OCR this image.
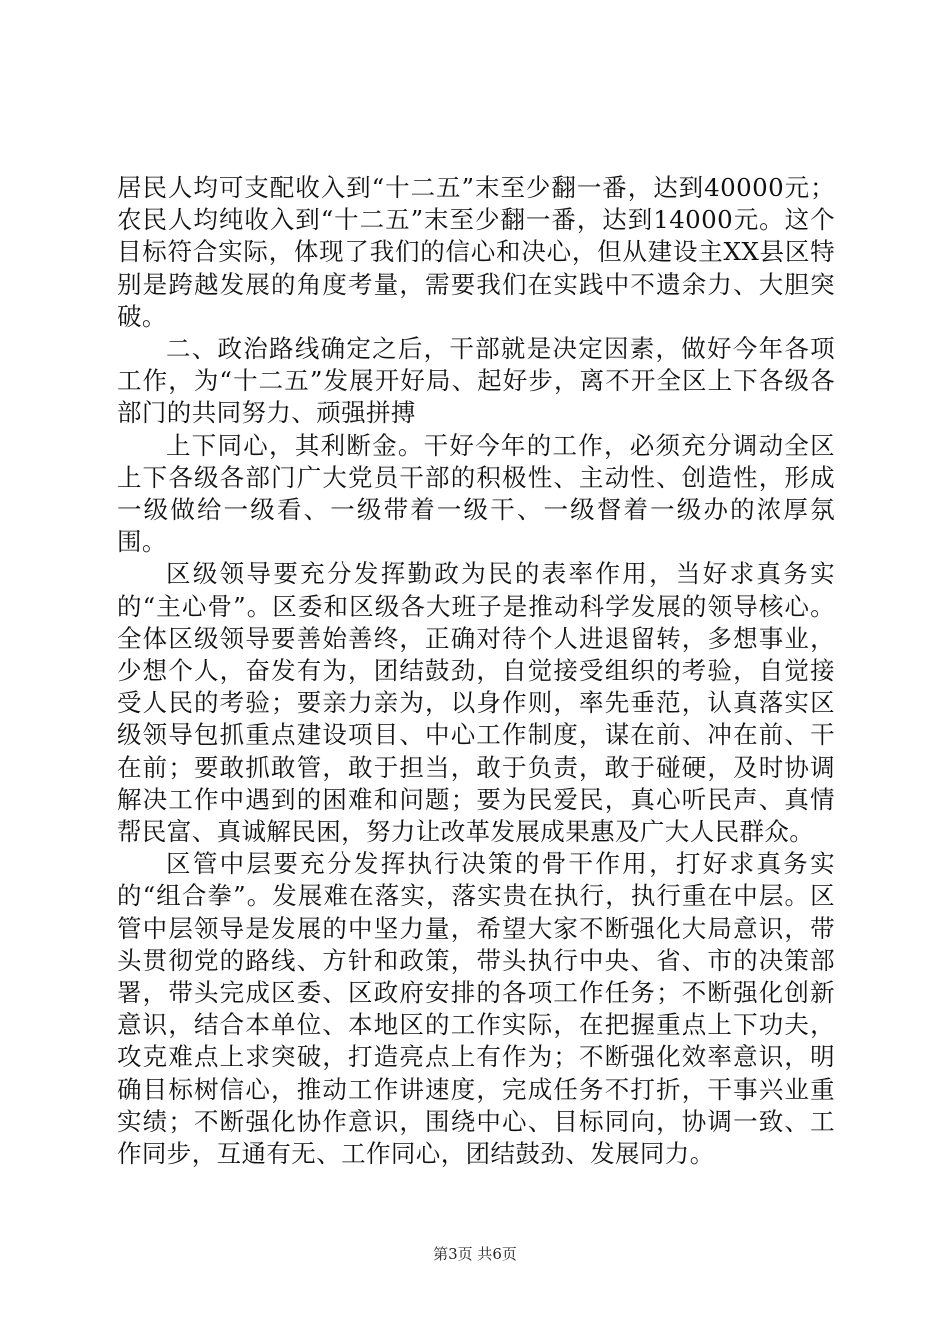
居民人均可支配收入到“十二五”末至少翻一番，达到40000元；农民人均纯收入到“十二五”末至少翻一番，达到14000元。这个目标符合实际，体现了我们的信心和决心，但从建设主XX县区特别是跨越发展的角度考量，需要我们在实践中不遗余力、大胆突破。

二、政治路线确定之后，干部就是决定因素，做好今年各项工作，为“十二五”发展开好局、起好步，离不开全区上下各级各部门的共同努力、顽强拼搏

上下同心，其利断金。干好今年的工作，必须充分调动全区上下各级各部门广大党员干部的积极性、主动性、创造性，形成一级做给一级看、一级带着一级干、一级督着一级办的浓厚氛围。

区级领导要充分发挥勤政为民的表率作用，当好求真务实的“主心骨”。区委和区级各大班子是推动科学发展的领导核心。全体区级领导要善始善终，正确对待个人进退留转，多想事业，少想个人，奋发有为，团结鼓劲，自觉接受组织的考验，自觉接受人民的考验；要亲力亲为，以身作则，率先垂范，认真落实区级领导包抓重点建设项目、中心工作制度，谋在前、冲在前、干在前；要敢抓敢管，敢于担当，敢于负责，敢于碰硬，及时协调解决工作中遇到的困难和问题；要为民爱民，真心听民声、真情帮民富、真诚解民困，努力让改革发展成果惠及广大人民群众。

区管中层要充分发挥执行决策的骨干作用，打好求真务实的“组合拳”。发展难在落实，落实贵在执行，执行重在中层。区管中层领导是发展的中坚力量，希望大家不断强化大局意识，带头贯彻党的路线、方针和政策，带头执行中央、省、市的决策部署，带头完成区委、区政府安排的各项工作任务；不断强化创新意识，结合本单位、本地区的工作实际，在把握重点上下功夫，攻克难点上求突破，打造亮点上有作为；不断强化效率意识，明确目标树信心，推动工作讲速度，完成任务不打折，干事兴业重实绩；不断强化协作意识，围绕中心、目标同向，协调一致、工作同步，互通有无、工作同心，团结鼓劲、发展同力。

第3页 共6页
